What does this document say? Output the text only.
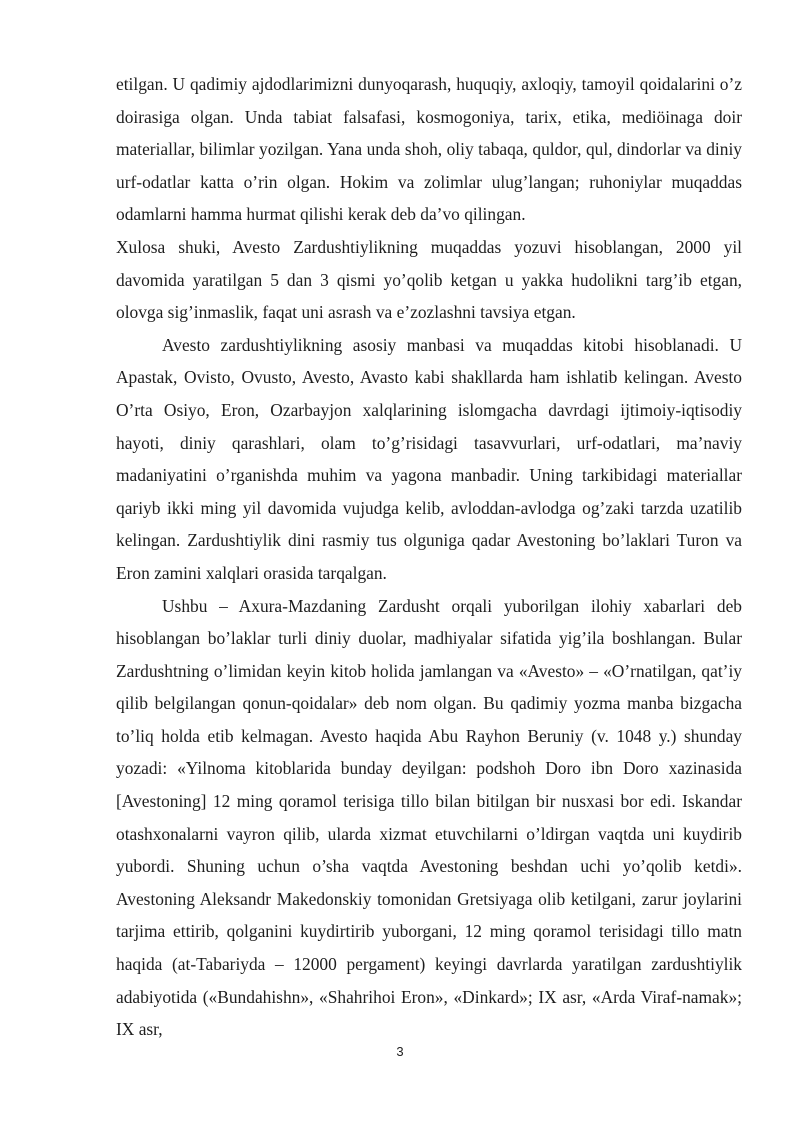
etilgan. U qadimiy ajdodlarimizni dunyoqarash, huquqiy, axloqiy, tamoyil qoidalarini o’z doirasiga olgan. Unda tabiat falsafasi, kosmogoniya, tarix, etika, mediöinaga doir materiallar, bilimlar yozilgan. Yana unda shoh, oliy tabaqa, quldor, qul, dindorlar va diniy urf-odatlar katta o’rin olgan. Hokim va zolimlar ulug’langan; ruhoniylar muqaddas odamlarni hamma hurmat qilishi kerak deb da’vo qilingan.

Xulosa shuki, Avesto Zardushtiylikning muqaddas yozuvi hisoblangan, 2000 yil davomida yaratilgan 5 dan 3 qismi yo’qolib ketgan u yakka hudolikni targ’ib etgan, olovga sig’inmaslik, faqat uni asrash va e’zozlashni tavsiya etgan.

Avesto zardushtiylikning asosiy manbasi va muqaddas kitobi hisoblanadi. U Apastak, Ovisto, Ovusto, Avesto, Avasto kabi shakllarda ham ishlatib kelingan. Avesto O’rta Osiyo, Eron, Ozarbayjon xalqlarining islomgacha davrdagi ijtimoiy-iqtisodiy hayoti, diniy qarashlari, olam to’g’risidagi tasavvurlari, urf-odatlari, ma’naviy madaniyatini o’rganishda muhim va yagona manbadir. Uning tarkibidagi materiallar qariyb ikki ming yil davomida vujudga kelib, avloddan-avlodga og’zaki tarzda uzatilib kelingan. Zardushtiylik dini rasmiy tus olguniga qadar Avestoning bo’laklari Turon va Eron zamini xalqlari orasida tarqalgan.

Ushbu – Axura-Mazdaning Zardusht orqali yuborilgan ilohiy xabarlari deb hisoblangan bo’laklar turli diniy duolar, madhiyalar sifatida yig’ila boshlangan. Bular Zardushtning o’limidan keyin kitob holida jamlangan va «Avesto» – «O’rnatilgan, qat’iy qilib belgilangan qonun-qoidalar» deb nom olgan. Bu qadimiy yozma manba bizgacha to’liq holda etib kelmagan. Avesto haqida Abu Rayhon Beruniy (v. 1048 y.) shunday yozadi: «Yilnoma kitoblarida bunday deyilgan: podshoh Doro ibn Doro xazinasida [Avestoning] 12 ming qoramol terisiga tillo bilan bitilgan bir nusxasi bor edi. Iskandar otashxonalarni vayron qilib, ularda xizmat etuvchilarni o’ldirgan vaqtda uni kuydirib yubordi. Shuning uchun o’sha vaqtda Avestoning beshdan uchi yo’qolib ketdi». Avestoning Aleksandr Makedonskiy tomonidan Gretsiyaga olib ketilgani, zarur joylarini tarjima ettirib, qolganini kuydirtirib yuborgani, 12 ming qoramol terisidagi tillo matn haqida (at-Tabariyda – 12000 pergament) keyingi davrlarda yaratilgan zardushtiylik adabiyotida («Bundahishn», «Shahrihoi Eron», «Dinkard»; IX asr, «Arda Viraf-namak»; IX asr,

3
